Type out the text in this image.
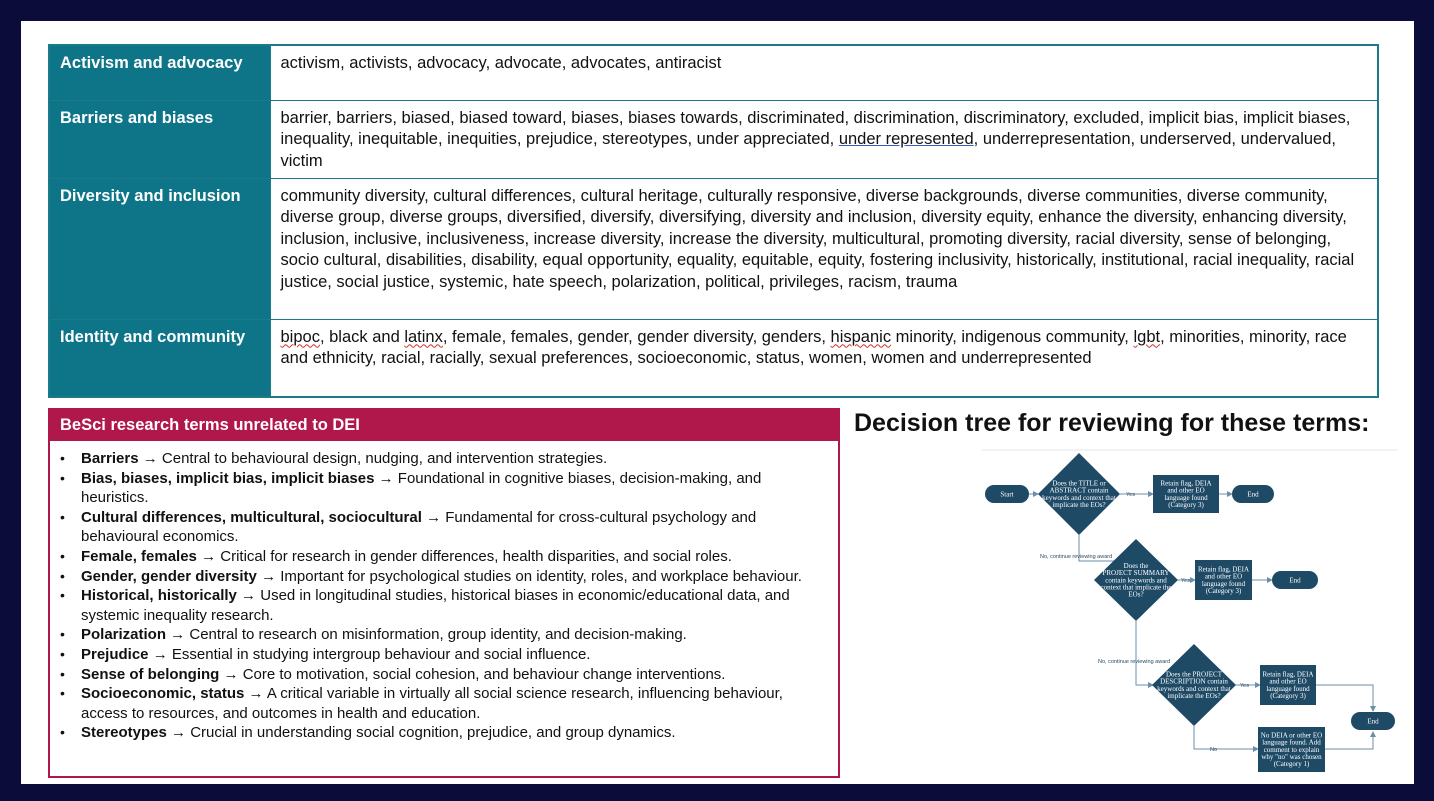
Activism and advocacy	activism, activists, advocacy, advocate, advocates, antiracist
Barriers and biases	barrier, barriers, biased, biased toward, biases, biases towards, discriminated, discrimination, discriminatory, excluded, implicit bias, implicit biases, inequality, inequitable, inequities, prejudice, stereotypes, under appreciated, under represented, underrepresentation, underserved, undervalued, victim
Diversity and inclusion	community diversity, cultural differences, cultural heritage, culturally responsive, diverse backgrounds, diverse communities, diverse community, diverse group, diverse groups, diversified, diversify, diversifying, diversity and inclusion, diversity equity, enhance the diversity, enhancing diversity, inclusion, inclusive, inclusiveness, increase diversity, increase the diversity, multicultural, promoting diversity, racial diversity, sense of belonging, socio cultural, disabilities, disability, equal opportunity, equality, equitable, equity, fostering inclusivity, historically, institutional, racial inequality, racial justice, social justice, systemic, hate speech, polarization, political, privileges, racism, trauma
Identity and community	bipoc, black and latinx, female, females, gender, gender diversity, genders, hispanic minority, indigenous community, lgbt, minorities, minority, race and ethnicity, racial, racially, sexual preferences, socioeconomic, status, women, women and underrepresented
BeSci research terms unrelated to DEI
• Barriers → Central to behavioural design, nudging, and intervention strategies.
• Bias, biases, implicit bias, implicit biases → Foundational in cognitive biases, decision-making, and heuristics.
• Cultural differences, multicultural, sociocultural → Fundamental for cross-cultural psychology and behavioural economics.
• Female, females → Critical for research in gender differences, health disparities, and social roles.
• Gender, gender diversity → Important for psychological studies on identity, roles, and workplace behaviour.
• Historical, historically → Used in longitudinal studies, historical biases in economic/educational data, and systemic inequality research.
• Polarization → Central to research on misinformation, group identity, and decision-making.
• Prejudice → Essential in studying intergroup behaviour and social influence.
• Sense of belonging → Core to motivation, social cohesion, and behaviour change interventions.
• Socioeconomic, status → A critical variable in virtually all social science research, influencing behaviour, access to resources, and outcomes in health and education.
• Stereotypes → Crucial in understanding social cognition, prejudice, and group dynamics.
Decision tree for reviewing for these terms:
Yes
Yes
Yes
No
No, continue reviewing award
No, continue reviewing award
Start
Does the TITLE or ABSTRACT contain keywords and context that implicate the EOs?
Retain flag, DEIA and other EO language found (Category 3)
End
Does the PROJECT SUMMARY contain keywords and context that implicate the EOs?
Retain flag, DEIA and other EO language found (Category 3)
End
Does the PROJECT DESCRIPTION contain keywords and context that implicate the EOs?
Retain flag, DEIA and other EO language found (Category 3)
End
No DEIA or other EO language found. Add comment to explain why "no" was chosen (Category 1)
